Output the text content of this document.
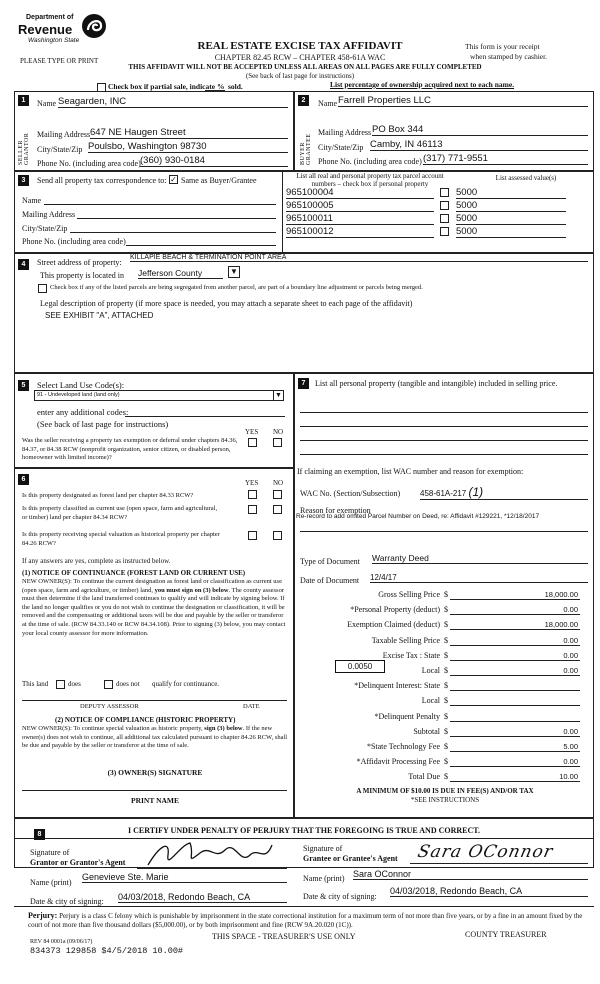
Department of
Revenue
Washington State
PLEASE TYPE OR PRINT
REAL ESTATE EXCISE TAX AFFIDAVIT
CHAPTER 82.45 RCW – CHAPTER 458-61A WAC
THIS AFFIDAVIT WILL NOT BE ACCEPTED UNLESS ALL AREAS ON ALL PAGES ARE FULLY COMPLETED
(See back of last page for instructions)
This form is your receipt
when stamped by cashier.
Check box if partial sale, indicate % sold.	List percentage of ownership acquired next to each name.
1
SELLER GRANTOR
Name Seagarden, INC
Mailing Address 647 NE Haugen Street
City/State/Zip Poulsbo, Washington 98730
Phone No. (including area code) (360) 930-0184
2
BUYER GRANTEE
Name Farrell Properties LLC
Mailing Address PO Box 344
City/State/Zip Camby, IN 46113
Phone No. (including area code) (317) 771-9551
3	Send all property tax correspondence to: ✓ Same as Buyer/Grantee
Name
Mailing Address
City/State/Zip
Phone No. (including area code)
List all real and personal property tax parcel account numbers – check box if personal property
List assessed value(s)
965100004	5000
965100005	5000
965100011	5000
965100012	5000
4	Street address of property:
KILLAPIE BEACH & TERMINATION POINT AREA
This property is located in Jefferson County	▼
Check box if any of the listed parcels are being segregated from another parcel, are part of a boundary line adjustment or parcels being merged.
Legal description of property (if more space is needed, you may attach a separate sheet to each page of the affidavit)
SEE EXHIBIT "A", ATTACHED
5	Select Land Use Code(s):
91 - Undeveloped land (land only)	▼
enter any additional codes:
(See back of last page for instructions)
YES NO
Was the seller receiving a property tax exemption or deferral under chapters 84.36, 84.37, or 84.38 RCW (nonprofit organization, senior citizen, or disabled person, homeowner with limited income)?
6	YES NO
Is this property designated as forest land per chapter 84.33 RCW?
Is this property classified as current use (open space, farm and agricultural, or timber) land per chapter 84.34 RCW?
Is this property receiving special valuation as historical property per chapter 84.26 RCW?
If any answers are yes, complete as instructed below.
(1) NOTICE OF CONTINUANCE (FOREST LAND OR CURRENT USE)
NEW OWNER(S): To continue the current designation as forest land or classification as current use (open space, farm and agriculture, or timber) land, you must sign on (3) below. The county assessor must then determine if the land transferred continues to qualify and will indicate by signing below. If the land no longer qualifies or you do not wish to continue the designation or classification, it will be removed and the compensating or additional taxes will be due and payable by the seller or transferor at the time of sale. (RCW 84.33.140 or RCW 84.34.108). Prior to signing (3) below, you may contact your local county assessor for more information.
This land	does	does not qualify for continuance.
DEPUTY ASSESSOR	DATE
(2) NOTICE OF COMPLIANCE (HISTORIC PROPERTY)
NEW OWNER(S): To continue special valuation as historic property, sign (3) below. If the new owner(s) does not wish to continue, all additional tax calculated pursuant to chapter 84.26 RCW, shall be due and payable by the seller or transferor at the time of sale.
(3) OWNER(S) SIGNATURE
PRINT NAME
7	List all personal property (tangible and intangible) included in selling price.
If claiming an exemption, list WAC number and reason for exemption:
WAC No. (Section/Subsection) 458-61A-217 (1)
Reason for exemption
Re-record to add omited Parcel Number on Deed, re: Affidavit #129221, *12/18/2017
Type of Document Warranty Deed
Date of Document 12/4/17
Gross Selling Price $	18,000.00
*Personal Property (deduct) $	0.00
Exemption Claimed (deduct) $	18,000.00
Taxable Selling Price $	0.00
Excise Tax : State $	0.00
Local $	0.00
*Delinquent Interest: State $

Local $

*Delinquent Penalty $

Subtotal $	0.00
*State Technology Fee $	5.00
*Affidavit Processing Fee $	0.00
Total Due $	10.00
0.0050
A MINIMUM OF $10.00 IS DUE IN FEE(S) AND/OR TAX
*SEE INSTRUCTIONS
8	I CERTIFY UNDER PENALTY OF PERJURY THAT THE FOREGOING IS TRUE AND CORRECT.
Signature of
Grantor or Grantor's Agent
Name (print)
Genevieve Ste. Marie
Date & city of signing: 04/03/2018, Redondo Beach, CA
Signature of
Grantee or Grantee's Agent Sara OConnor
Name (print) Sara OConnor
Date & city of signing:
04/03/2018, Redondo Beach, CA
Perjury: Perjury is a class C felony which is punishable by imprisonment in the state correctional institution for a maximum term of not more than five years, or by a fine in an amount fixed by the court of not more than five thousand dollars ($5,000.00), or by both imprisonment and fine (RCW 9A.20.020 (1C)).
REV 84 0001a (09/06/17)
834373 129858 $4/5/2018 10.00#
THIS SPACE - TREASURER'S USE ONLY	COUNTY TREASURER
